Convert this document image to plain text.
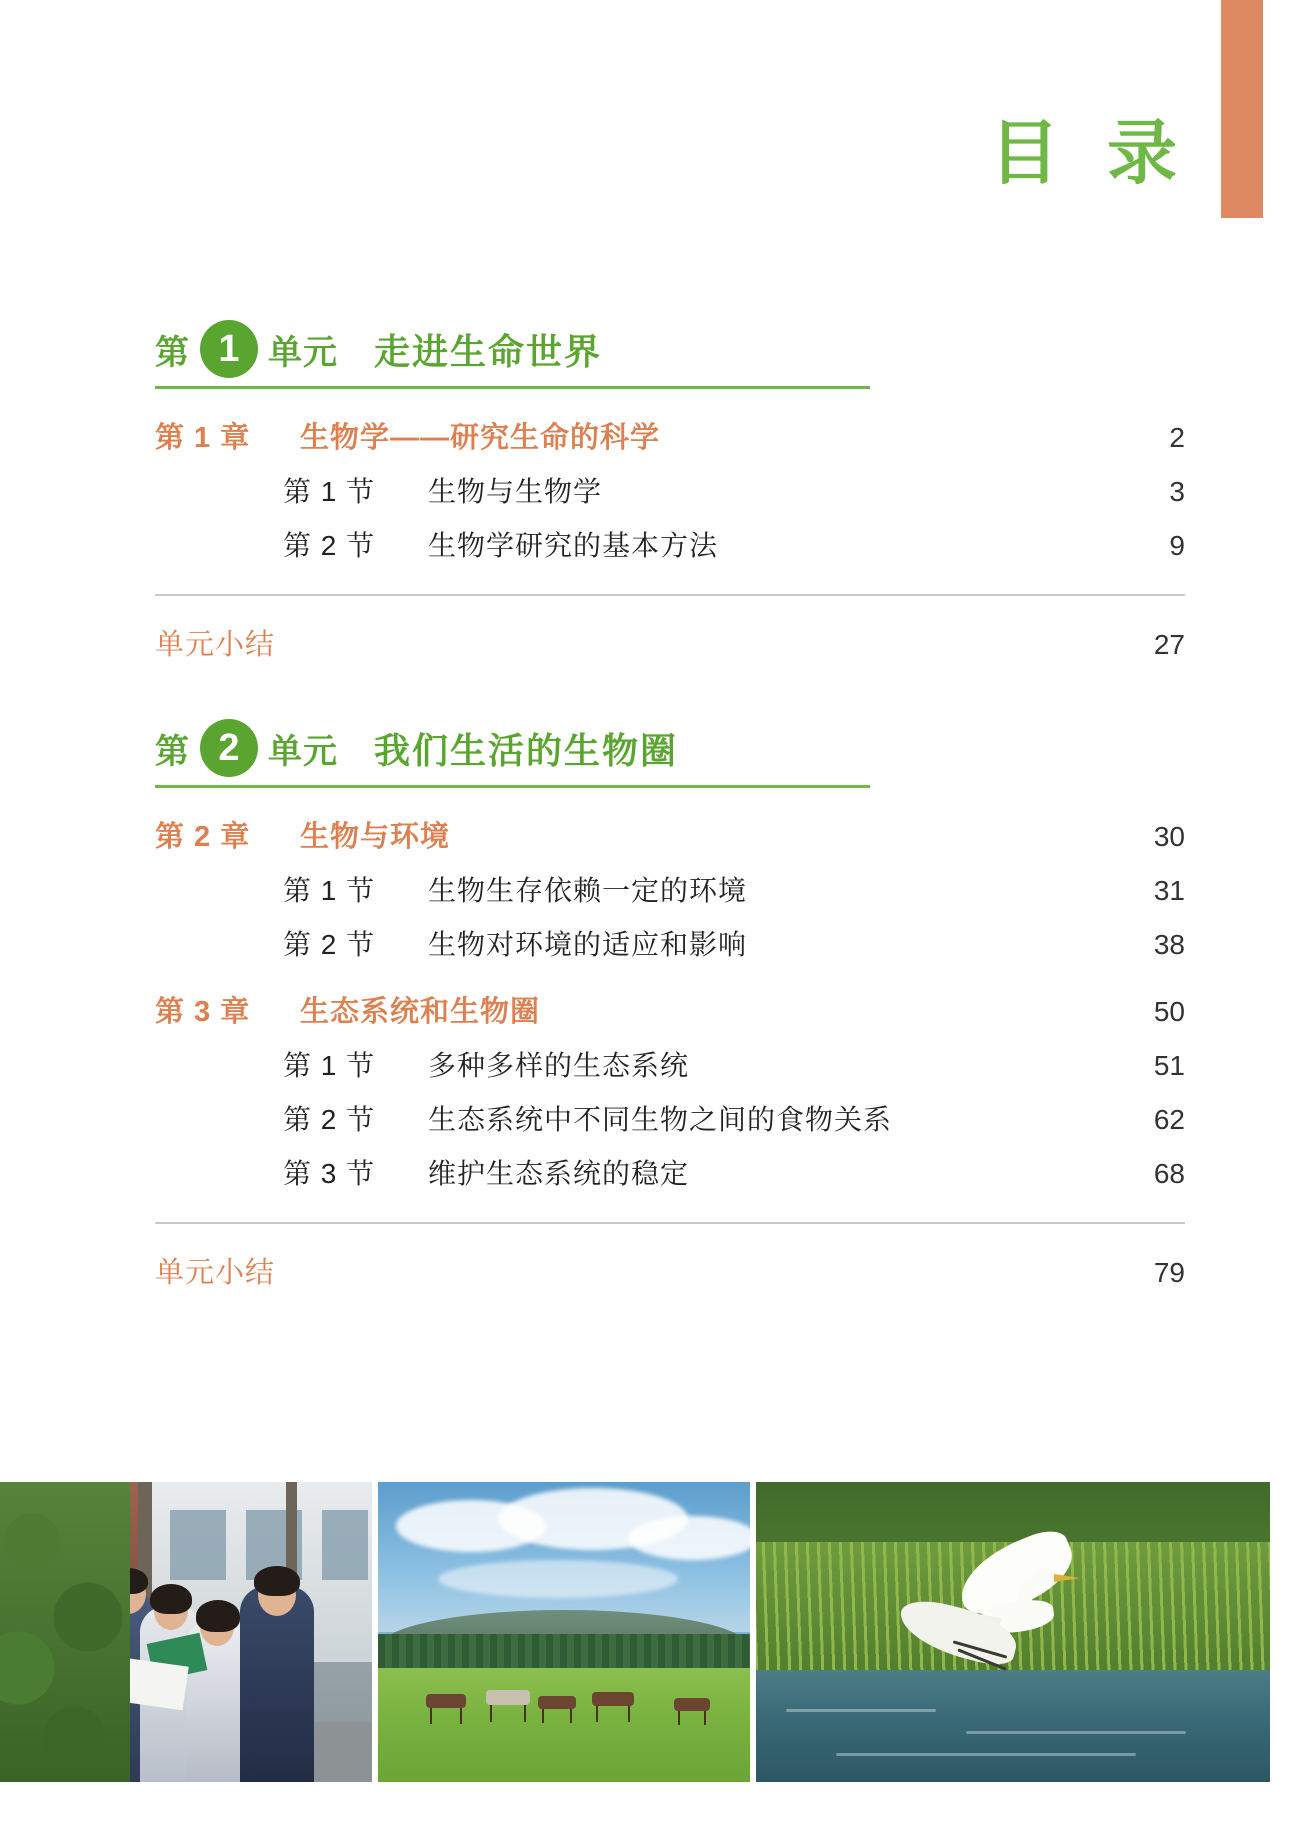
目 录
第 1 单元 走进生命世界
第 1 章	生物学——研究生命的科学	2
第 1 节	生物与生物学	3
第 2 节	生物学研究的基本方法	9
单元小结	27
第 2 单元 我们生活的生物圈
第 2 章	生物与环境	30
第 1 节	生物生存依赖一定的环境	31
第 2 节	生物对环境的适应和影响	38
第 3 章	生态系统和生物圈	50
第 1 节	多种多样的生态系统	51
第 2 节	生态系统中不同生物之间的食物关系	62
第 3 节	维护生态系统的稳定	68
单元小结	79
